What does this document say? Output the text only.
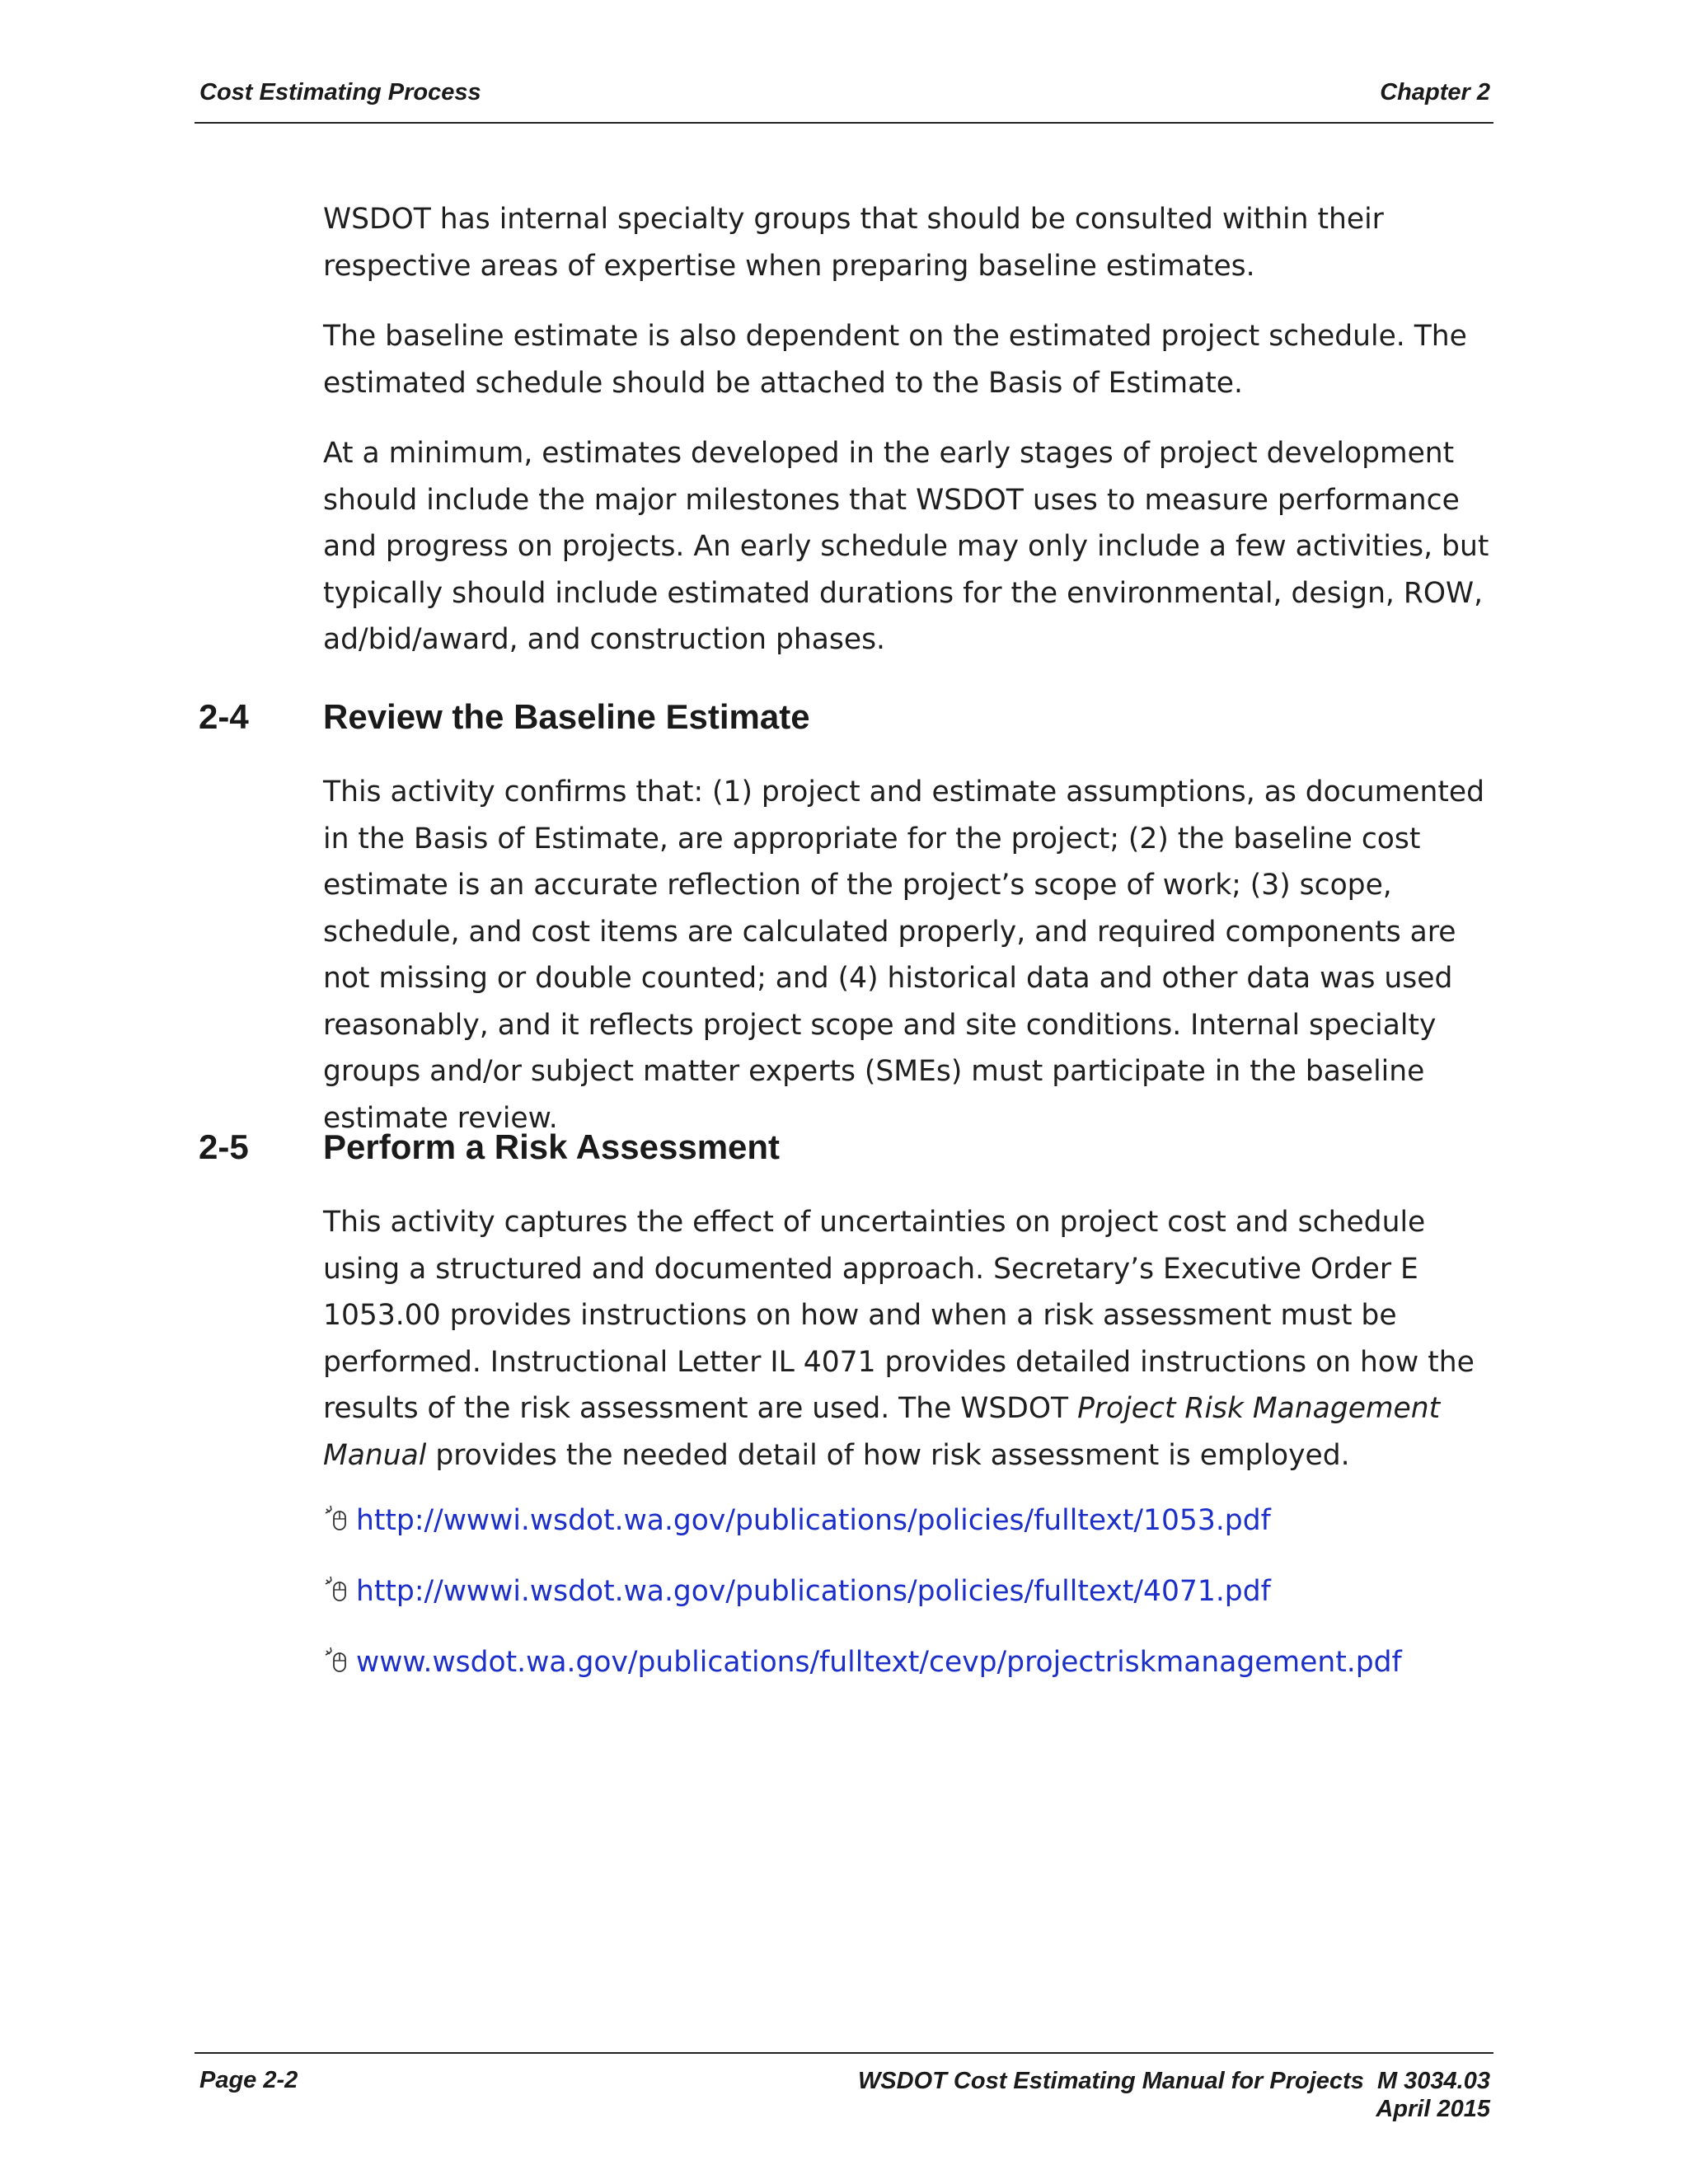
Cost Estimating Process	Chapter 2

WSDOT has internal specialty groups that should be consulted within their respective areas of expertise when preparing baseline estimates.

The baseline estimate is also dependent on the estimated project schedule. The estimated schedule should be attached to the Basis of Estimate.

At a minimum, estimates developed in the early stages of project development should include the major milestones that WSDOT uses to measure performance and progress on projects. An early schedule may only include a few activities, but typically should include estimated durations for the environmental, design, ROW, ad/bid/award, and construction phases.

2-4 Review the Baseline Estimate

This activity confirms that: (1) project and estimate assumptions, as documented in the Basis of Estimate, are appropriate for the project; (2) the baseline cost estimate is an accurate reflection of the project’s scope of work; (3) scope, schedule, and cost items are calculated properly, and required components are not missing or double counted; and (4) historical data and other data was used reasonably, and it reflects project scope and site conditions. Internal specialty groups and/or subject matter experts (SMEs) must participate in the baseline estimate review.

2-5 Perform a Risk Assessment

This activity captures the effect of uncertainties on project cost and schedule using a structured and documented approach. Secretary’s Executive Order E 1053.00 provides instructions on how and when a risk assessment must be performed. Instructional Letter IL 4071 provides detailed instructions on how the results of the risk assessment are used. The WSDOT Project Risk Management Manual provides the needed detail of how risk assessment is employed.

http://wwwi.wsdot.wa.gov/publications/policies/fulltext/1053.pdf
http://wwwi.wsdot.wa.gov/publications/policies/fulltext/4071.pdf
www.wsdot.wa.gov/publications/fulltext/cevp/projectriskmanagement.pdf
Page 2-2	WSDOT Cost Estimating Manual for Projects  M 3034.03
April 2015
